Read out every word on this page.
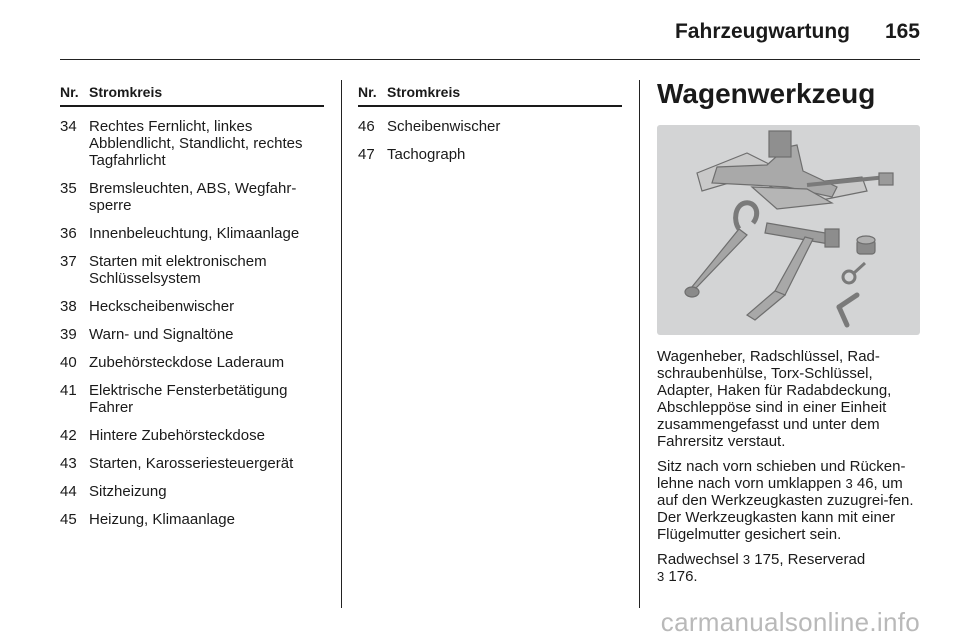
Fahrzeugwartung 165
Nr. Stromkreis
34 Rechtes Fernlicht, linkes Abblendlicht, Standlicht, rechtes Tagfahrlicht
35 Bremsleuchten, ABS, Wegfahr-sperre
36 Innenbeleuchtung, Klimaanlage
37 Starten mit elektronischem Schlüsselsystem
38 Heckscheibenwischer
39 Warn- und Signaltöne
40 Zubehörsteckdose Laderaum
41 Elektrische Fensterbetätigung Fahrer
42 Hintere Zubehörsteckdose
43 Starten, Karosseriesteuergerät
44 Sitzheizung
45 Heizung, Klimaanlage
Nr. Stromkreis
46 Scheibenwischer
47 Tachograph
Wagenwerkzeug
Wagenheber, Radschlüssel, Rad-schraubenhülse, Torx-Schlüssel, Adapter, Haken für Radabdeckung, Abschleppöse sind in einer Einheit zusammengefasst und unter dem Fahrersitz verstaut.
Sitz nach vorn schieben und Rücken-lehne nach vorn umklappen 3 46, um auf den Werkzeugkasten zuzugrei-fen. Der Werkzeugkasten kann mit einer Flügelmutter gesichert sein.
Radwechsel 3 175, Reserverad
3 176.
carmanualsonline.info
